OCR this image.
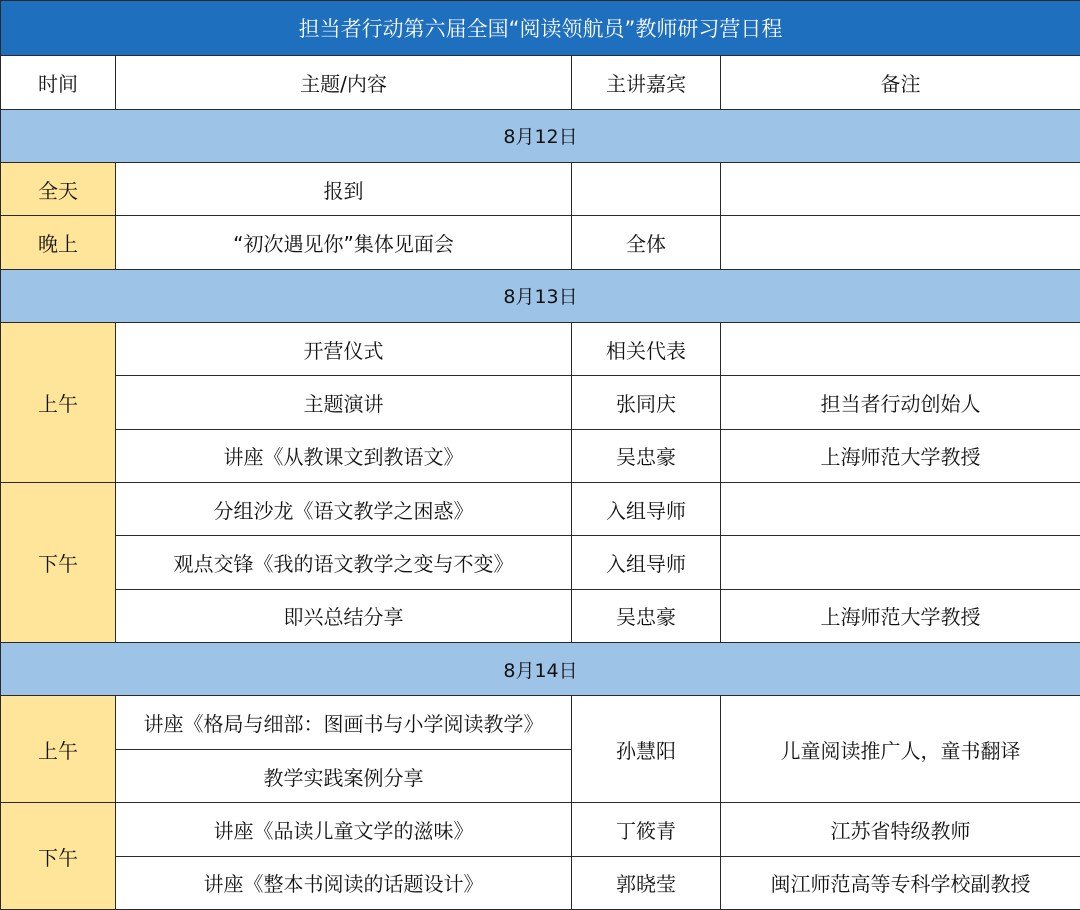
担当者行动第六届全国“阅读领航员”教师研习营日程			
时间	主题/内容	主讲嘉宾	备注
8月12日			
全天	报到		
晚上	“初次遇见你”集体见面会	全体	
8月13日			
上午	开营仪式	相关代表	
	主题演讲	张同庆	担当者行动创始人
	讲座《从教课文到教语文》	吴忠豪	上海师范大学教授
下午	分组沙龙《语文教学之困惑》	入组导师	
	观点交锋《我的语文教学之变与不变》	入组导师	
	即兴总结分享	吴忠豪	上海师范大学教授
8月14日			
上午	讲座《格局与细部：图画书与小学阅读教学》	孙慧阳	儿童阅读推广人，童书翻译
	教学实践案例分享		
下午	讲座《品读儿童文学的滋味》	丁筱青	江苏省特级教师
	讲座《整本书阅读的话题设计》	郭晓莹	闽江师范高等专科学校副教授
